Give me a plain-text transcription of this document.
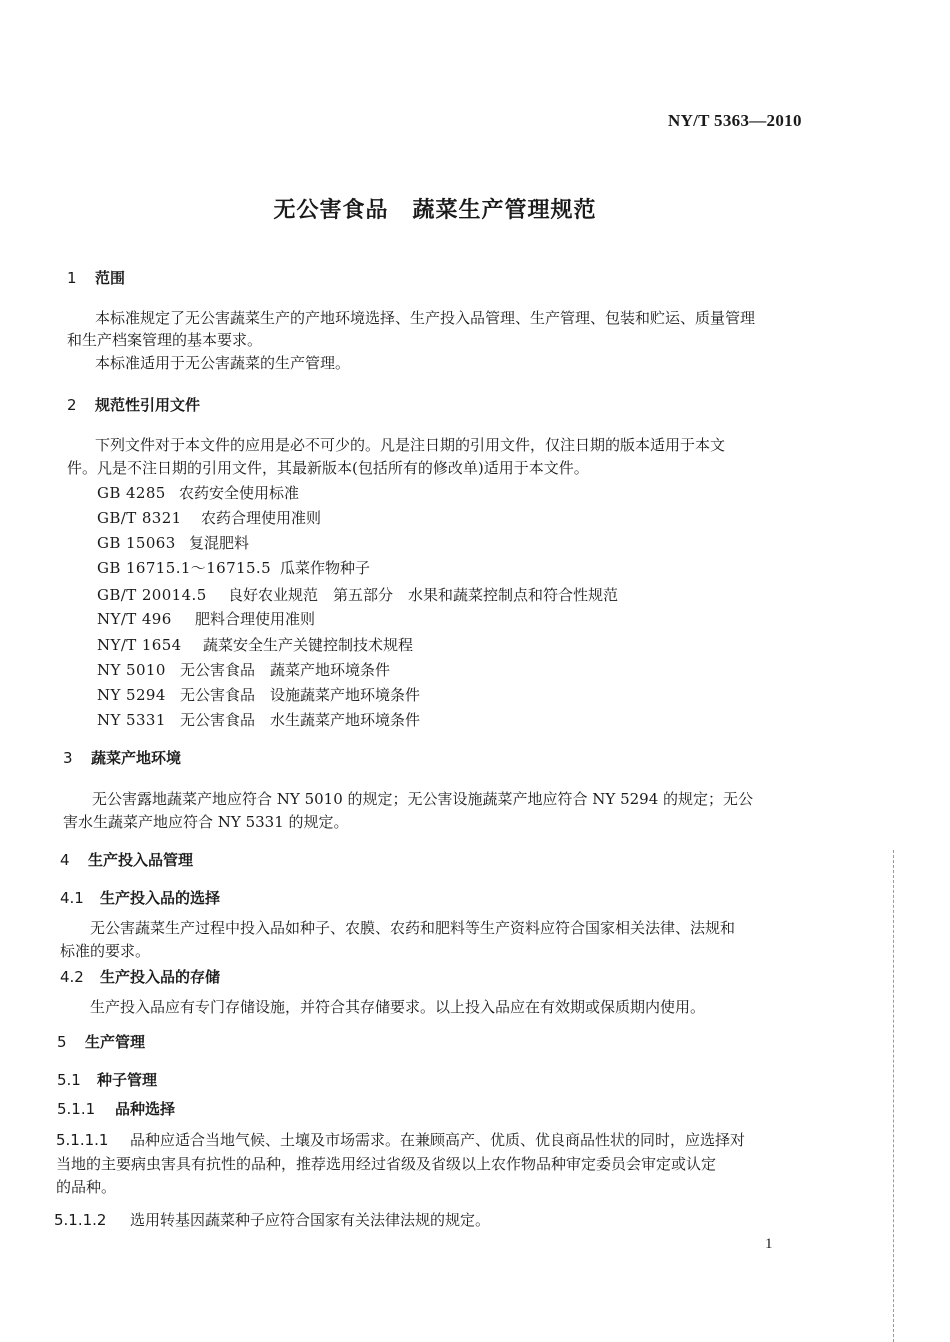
NY/T 5363—2010
无公害食品 蔬菜生产管理规范
1 范围
本标准规定了无公害蔬菜生产的产地环境选择、生产投入品管理、生产管理、包装和贮运、质量管理
和生产档案管理的基本要求。
本标准适用于无公害蔬菜的生产管理。
2 规范性引用文件
下列文件对于本文件的应用是必不可少的。凡是注日期的引用文件，仅注日期的版本适用于本文
件。凡是不注日期的引用文件，其最新版本(包括所有的修改单)适用于本文件。
GB 4285 农药安全使用标准
GB/T 8321 农药合理使用准则
GB 15063 复混肥料
GB 16715.1～16715.5 瓜菜作物种子
GB/T 20014.5 良好农业规范　第五部分　水果和蔬菜控制点和符合性规范
NY/T 496 肥料合理使用准则
NY/T 1654 蔬菜安全生产关键控制技术规程
NY 5010 无公害食品　蔬菜产地环境条件
NY 5294 无公害食品　设施蔬菜产地环境条件
NY 5331 无公害食品　水生蔬菜产地环境条件
3 蔬菜产地环境
无公害露地蔬菜产地应符合 NY 5010 的规定；无公害设施蔬菜产地应符合 NY 5294 的规定；无公
害水生蔬菜产地应符合 NY 5331 的规定。
4 生产投入品管理
4.1 生产投入品的选择
无公害蔬菜生产过程中投入品如种子、农膜、农药和肥料等生产资料应符合国家相关法律、法规和
标准的要求。
4.2 生产投入品的存储
生产投入品应有专门存储设施，并符合其存储要求。以上投入品应在有效期或保质期内使用。
5 生产管理
5.1 种子管理
5.1.1 品种选择
5.1.1.1 品种应适合当地气候、土壤及市场需求。在兼顾高产、优质、优良商品性状的同时，应选择对
当地的主要病虫害具有抗性的品种，推荐选用经过省级及省级以上农作物品种审定委员会审定或认定
的品种。
5.1.1.2 选用转基因蔬菜种子应符合国家有关法律法规的规定。
1
